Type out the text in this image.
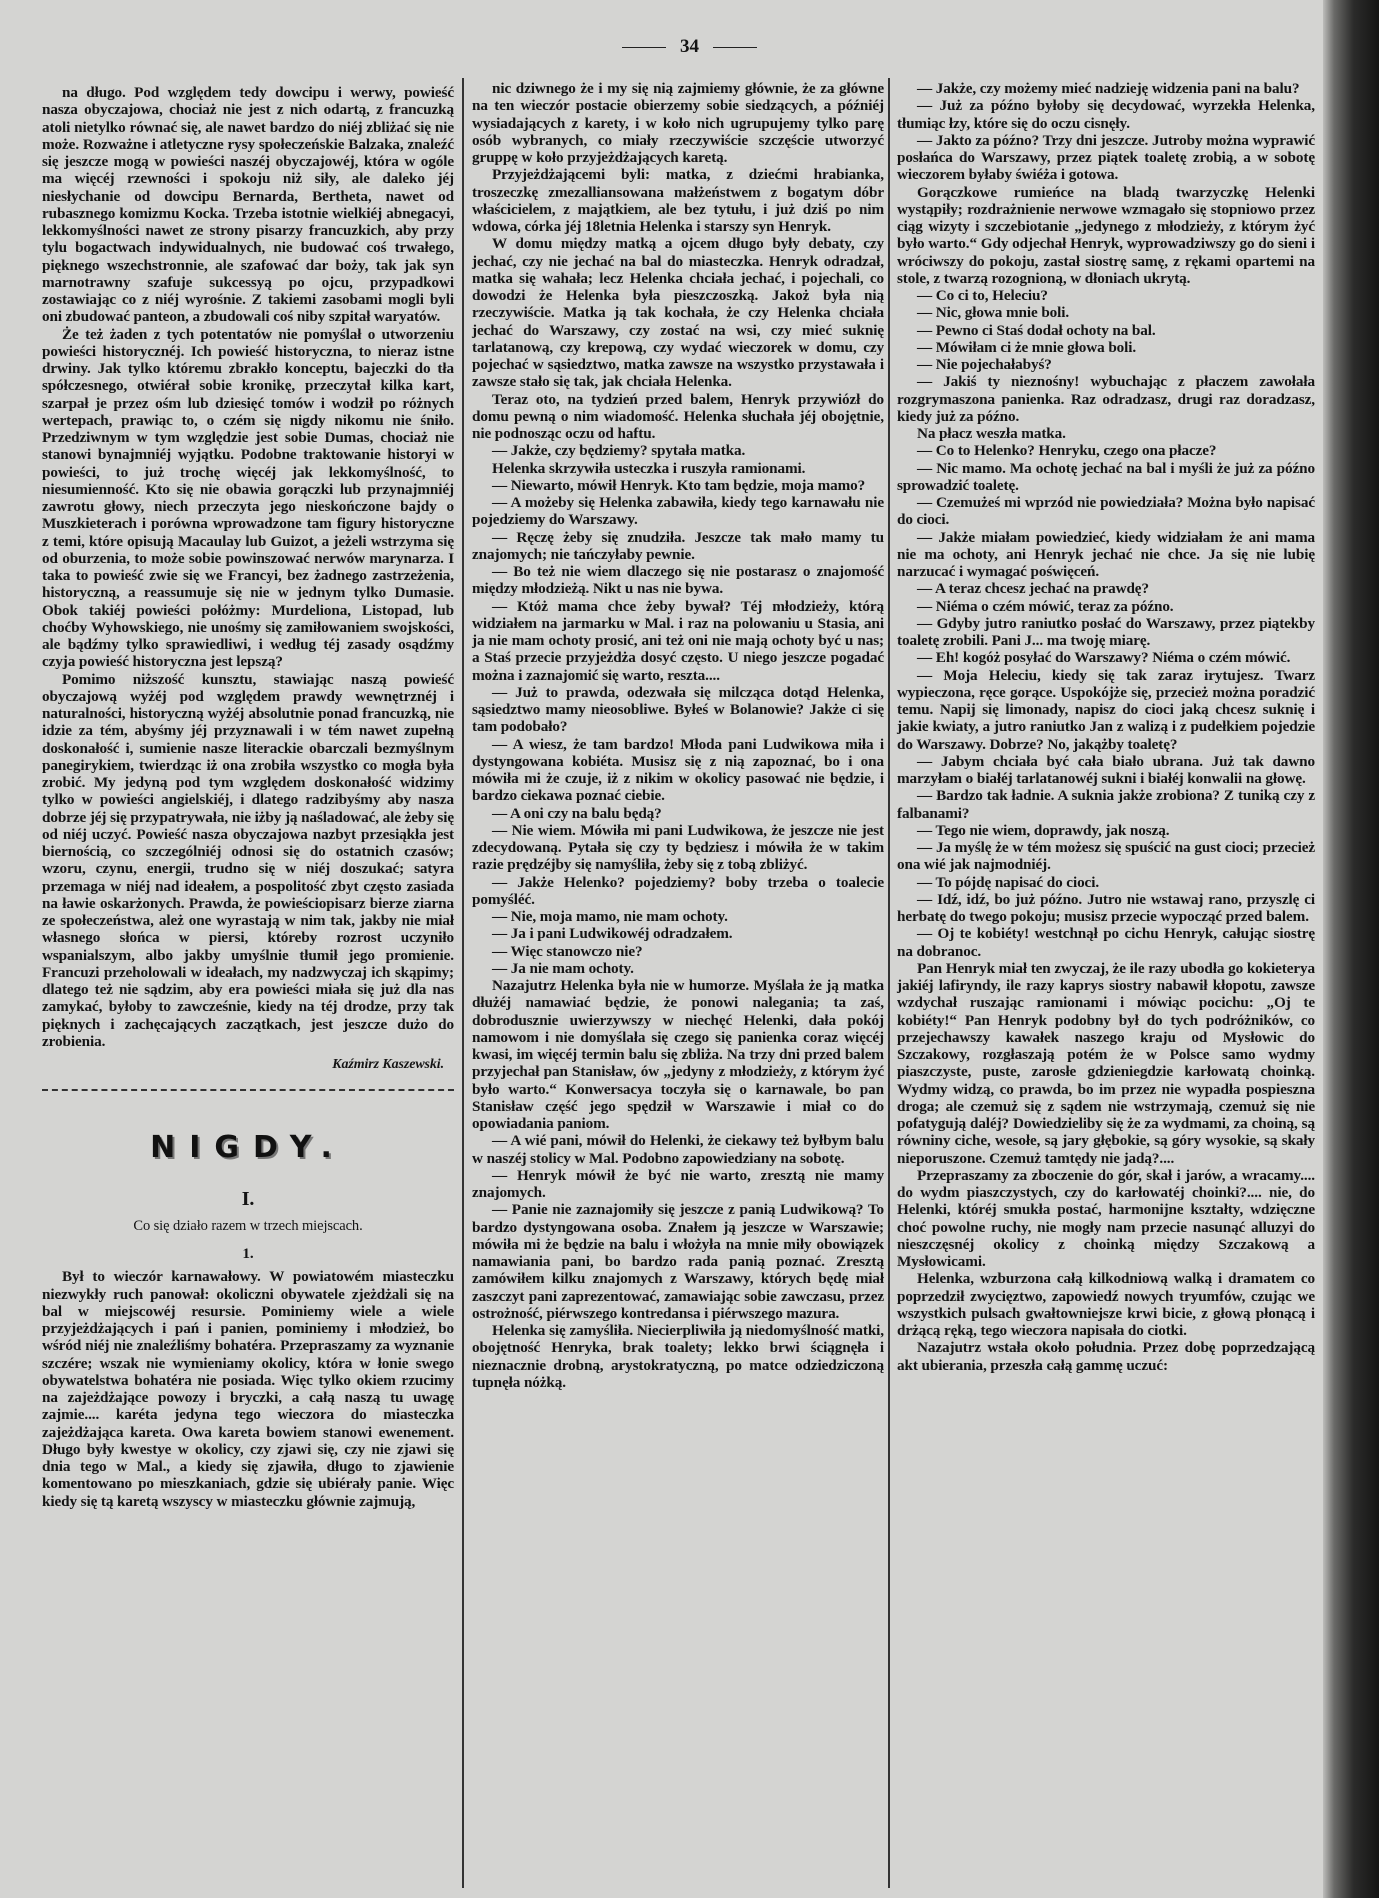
34

na długo. Pod względem tedy dowcipu i werwy, powieść nasza obyczajowa, chociaż nie jest z nich odartą, z francuzką atoli nietylko równać się, ale nawet bardzo do niéj zbliżać się nie może. Rozważne i atletyczne rysy społeczeńskie Balzaka, znaleźć się jeszcze mogą w powieści naszéj obyczajowéj, która w ogóle ma więcéj rzewności i spokoju niż siły, ale daleko jéj niesłychanie od dowcipu Bernarda, Bertheta, nawet od rubasznego komizmu Kocka. Trzeba istotnie wielkiéj abnegacyi, lekkomyślności nawet ze strony pisarzy francuzkich, aby przy tylu bogactwach indywidualnych, nie budować coś trwałego, pięknego wszechstronnie, ale szafować dar boży, tak jak syn marnotrawny szafuje sukcessyą po ojcu, przypadkowi zostawiając co z niéj wyrośnie. Z takiemi zasobami mogli byli oni zbudować panteon, a zbudowali coś niby szpitał waryatów.

Że też żaden z tych potentatów nie pomyślał o utworzeniu powieści historycznéj. Ich powieść historyczna, to nieraz istne drwiny. Jak tylko któremu zbrakło konceptu, bajeczki do tła spółczesnego, otwiérał sobie kronikę, przeczytał kilka kart, szarpał je przez ośm lub dziesięć tomów i wodził po różnych wertepach, prawiąc to, o czém się nigdy nikomu nie śniło. Przedziwnym w tym względzie jest sobie Dumas, chociaż nie stanowi bynajmniéj wyjątku. Podobne traktowanie historyi w powieści, to już trochę więcéj jak lekkomyślność, to niesumienność. Kto się nie obawia gorączki lub przynajmniéj zawrotu głowy, niech przeczyta jego nieskończone bajdy o Muszkieterach i porówna wprowadzone tam figury historyczne z temi, które opisują Macaulay lub Guizot, a jeżeli wstrzyma się od oburzenia, to może sobie powinszować nerwów marynarza. I taka to powieść zwie się we Francyi, bez żadnego zastrzeżenia, historyczną, a reassumuje się nie w jednym tylko Dumasie. Obok takiéj powieści połóżmy: Murdeliona, Listopad, lub choćby Wyhowskiego, nie unośmy się zamiłowaniem swojskości, ale bądźmy tylko sprawiedliwi, i według téj zasady osądźmy czyja powieść historyczna jest lepszą?

Pomimo niższość kunsztu, stawiając naszą powieść obyczajową wyżéj pod względem prawdy wewnętrznéj i naturalności, historyczną wyżéj absolutnie ponad francuzką, nie idzie za tém, abyśmy jéj przyznawali i w tém nawet zupełną doskonałość i, sumienie nasze literackie obarczali bezmyślnym panegirykiem, twierdząc iż ona zrobiła wszystko co mogła była zrobić. My jedyną pod tym względem doskonałość widzimy tylko w powieści angielskiéj, i dlatego radzibyśmy aby nasza dobrze jéj się przypatrywała, nie iżby ją naśladować, ale żeby się od niéj uczyć. Powieść nasza obyczajowa nazbyt przesiąkła jest biernością, co szczególniéj odnosi się do ostatnich czasów; wzoru, czynu, energii, trudno się w niéj doszukać; satyra przemaga w niéj nad ideałem, a pospolitość zbyt często zasiada na ławie oskarżonych. Prawda, że powieściopisarz bierze ziarna ze społeczeństwa, ależ one wyrastają w nim tak, jakby nie miał własnego słońca w piersi, któreby rozrost uczyniło wspanialszym, albo jakby umyślnie tłumił jego promienie. Francuzi przeholowali w ideałach, my nadzwyczaj ich skąpimy; dlatego też nie sądzim, aby era powieści miała się już dla nas zamykać, byłoby to zawcześnie, kiedy na téj drodze, przy tak pięknych i zachęcających zaczątkach, jest jeszcze dużo do zrobienia.

Kaźmirz Kaszewski.
NIGDY.
I.
Co się działo razem w trzech miejscach.
1.

Był to wieczór karnawałowy. W powiatowém miasteczku niezwykły ruch panował: okoliczni obywatele zjeżdżali się na bal w miejscowéj resursie. Pominiemy wiele a wiele przyjeżdżających i pań i panien, pominiemy i młodzież, bo wśród niéj nie znaleźliśmy bohatéra. Przepraszamy za wyznanie szczére; wszak nie wymieniamy okolicy, która w łonie swego obywatelstwa bohatéra nie posiada. Więc tylko okiem rzucimy na zajeżdżające powozy i bryczki, a całą naszą tu uwagę zajmie.... karéta jedyna tego wieczora do miasteczka zajeżdżająca kareta. Owa kareta bowiem stanowi ewenement. Długo były kwestye w okolicy, czy zjawi się, czy nie zjawi się dnia tego w Mal., a kiedy się zjawiła, długo to zjawienie komentowano po mieszkaniach, gdzie się ubiérały panie. Więc kiedy się tą karetą wszyscy w miasteczku głównie zajmują,

nic dziwnego że i my się nią zajmiemy głównie, że za główne na ten wieczór postacie obierzemy sobie siedzących, a późniéj wysiadających z karety, i w koło nich ugrupujemy tylko parę osób wybranych, co miały rzeczywiście szczęście utworzyć gruppę w koło przyjeżdżających karetą.

Przyjeżdżającemi byli: matka, z dziećmi hrabianka, troszeczkę zmezalliansowana małżeństwem z bogatym dóbr właścicielem, z majątkiem, ale bez tytułu, i już dziś po nim wdowa, córka jéj 18letnia Helenka i starszy syn Henryk.

W domu między matką a ojcem długo były debaty, czy jechać, czy nie jechać na bal do miasteczka. Henryk odradzał, matka się wahała; lecz Helenka chciała jechać, i pojechali, co dowodzi że Helenka była pieszczoszką. Jakoż była nią rzeczywiście. Matka ją tak kochała, że czy Helenka chciała jechać do Warszawy, czy zostać na wsi, czy mieć suknię tarlatanową, czy krepową, czy wydać wieczorek w domu, czy pojechać w sąsiedztwo, matka zawsze na wszystko przystawała i zawsze stało się tak, jak chciała Helenka.

Teraz oto, na tydzień przed balem, Henryk przywiózł do domu pewną o nim wiadomość. Helenka słuchała jéj obojętnie, nie podnosząc oczu od haftu.

— Jakże, czy będziemy? spytała matka.

Helenka skrzywiła usteczka i ruszyła ramionami.

— Niewarto, mówił Henryk. Kto tam będzie, moja mamo?

— A możeby się Helenka zabawiła, kiedy tego karnawału nie pojedziemy do Warszawy.

— Ręczę żeby się znudziła. Jeszcze tak mało mamy tu znajomych; nie tańczyłaby pewnie.

— Bo też nie wiem dlaczego się nie postarasz o znajomość między młodzieżą. Nikt u nas nie bywa.

— Któż mama chce żeby bywał? Téj młodzieży, którą widziałem na jarmarku w Mal. i raz na polowaniu u Stasia, ani ja nie mam ochoty prosić, ani też oni nie mają ochoty być u nas; a Staś przecie przyjeżdża dosyć często. U niego jeszcze pogadać można i zaznajomić się warto, reszta....

— Już to prawda, odezwała się milcząca dotąd Helenka, sąsiedztwo mamy nieosobliwe. Byłeś w Bolanowie? Jakże ci się tam podobało?

— A wiesz, że tam bardzo! Młoda pani Ludwikowa miła i dystyngowana kobiéta. Musisz się z nią zapoznać, bo i ona mówiła mi że czuje, iż z nikim w okolicy pasować nie będzie, i bardzo ciekawa poznać ciebie.

— A oni czy na balu będą?

— Nie wiem. Mówiła mi pani Ludwikowa, że jeszcze nie jest zdecydowaną. Pytała się czy ty będziesz i mówiła że w takim razie prędzéjby się namyśliła, żeby się z tobą zbliżyć.

— Jakże Helenko? pojedziemy? boby trzeba o toalecie pomyśléć.

— Nie, moja mamo, nie mam ochoty.

— Ja i pani Ludwikowéj odradzałem.

— Więc stanowczo nie?

— Ja nie mam ochoty.

Nazajutrz Helenka była nie w humorze. Myślała że ją matka dłużéj namawiać będzie, że ponowi nalegania; ta zaś, dobrodusznie uwierzywszy w niechęć Helenki, dała pokój namowom i nie domyślała się czego się panienka coraz więcéj kwasi, im więcéj termin balu się zbliża. Na trzy dni przed balem przyjechał pan Stanisław, ów „jedyny z młodzieży, z którym żyć było warto.“ Konwersacya toczyła się o karnawale, bo pan Stanisław część jego spędził w Warszawie i miał co do opowiadania paniom.

— A wié pani, mówił do Helenki, że ciekawy też byłbym balu w naszéj stolicy w Mal. Podobno zapowiedziany na sobotę.

— Henryk mówił że być nie warto, zresztą nie mamy znajomych.

— Panie nie zaznajomiły się jeszcze z panią Ludwikową? To bardzo dystyngowana osoba. Znałem ją jeszcze w Warszawie; mówiła mi że będzie na balu i włożyła na mnie miły obowiązek namawiania pani, bo bardzo rada panią poznać. Zresztą zamówiłem kilku znajomych z Warszawy, których będę miał zaszczyt pani zaprezentować, zamawiając sobie zawczasu, przez ostrożność, piérwszego kontredansa i piérwszego mazura.

Helenka się zamyśliła. Niecierpliwiła ją niedomyślność matki, obojętność Henryka, brak toalety; lekko brwi ściągnęła i nieznacznie drobną, arystokratyczną, po matce odziedziczoną tupnęła nóżką.

— Jakże, czy możemy mieć nadzieję widzenia pani na balu?

— Już za późno byłoby się decydować, wyrzekła Helenka, tłumiąc łzy, które się do oczu cisnęły.

— Jakto za późno? Trzy dni jeszcze. Jutroby można wyprawić posłańca do Warszawy, przez piątek toaletę zrobią, a w sobotę wieczorem byłaby świéża i gotowa.

Gorączkowe rumieńce na bladą twarzyczkę Helenki wystąpiły; rozdrażnienie nerwowe wzmagało się stopniowo przez ciąg wizyty i szczebiotanie „jedynego z młodzieży, z którym żyć było warto.“ Gdy odjechał Henryk, wyprowadziwszy go do sieni i wróciwszy do pokoju, zastał siostrę samę, z rękami opartemi na stole, z twarzą rozognioną, w dłoniach ukrytą.

— Co ci to, Heleciu?

— Nic, głowa mnie boli.

— Pewno ci Staś dodał ochoty na bal.

— Mówiłam ci że mnie głowa boli.

— Nie pojechałabyś?

— Jakiś ty nieznośny! wybuchając z płaczem zawołała rozgrymaszona panienka. Raz odradzasz, drugi raz doradzasz, kiedy już za późno.

Na płacz weszła matka.

— Co to Helenko? Henryku, czego ona płacze?

— Nic mamo. Ma ochotę jechać na bal i myśli że już za późno sprowadzić toaletę.

— Czemużeś mi wprzód nie powiedziała? Można było napisać do cioci.

— Jakże miałam powiedzieć, kiedy widziałam że ani mama nie ma ochoty, ani Henryk jechać nie chce. Ja się nie lubię narzucać i wymagać poświęceń.

— A teraz chcesz jechać na prawdę?

— Niéma o czém mówić, teraz za późno.

— Gdyby jutro raniutko posłać do Warszawy, przez piątekby toaletę zrobili. Pani J... ma twoję miarę.

— Eh! kogóż posyłać do Warszawy? Niéma o czém mówić.

— Moja Heleciu, kiedy się tak zaraz irytujesz. Twarz wypieczona, ręce gorące. Uspokójże się, przecież można poradzić temu. Napij się limonady, napisz do cioci jaką chcesz suknię i jakie kwiaty, a jutro raniutko Jan z walizą i z pudełkiem pojedzie do Warszawy. Dobrze? No, jakążby toaletę?

— Jabym chciała być cała biało ubrana. Już tak dawno marzyłam o białéj tarlatanowéj sukni i białéj konwalii na głowę.

— Bardzo tak ładnie. A suknia jakże zrobiona? Z tuniką czy z falbanami?

— Tego nie wiem, doprawdy, jak noszą.

— Ja myślę że w tém możesz się spuścić na gust cioci; przecież ona wié jak najmodniéj.

— To pójdę napisać do cioci.

— Idź, idź, bo już późno. Jutro nie wstawaj rano, przyszlę ci herbatę do twego pokoju; musisz przecie wypocząć przed balem.

— Oj te kobiéty! westchnął po cichu Henryk, całując siostrę na dobranoc.

Pan Henryk miał ten zwyczaj, że ile razy ubodła go kokieterya jakiéj lafiryndy, ile razy kaprys siostry nabawił kłopotu, zawsze wzdychał ruszając ramionami i mówiąc pocichu: „Oj te kobiéty!“ Pan Henryk podobny był do tych podróżników, co przejechawszy kawałek naszego kraju od Mysłowic do Szczakowy, rozgłaszają potém że w Polsce samo wydmy piaszczyste, puste, zarosłe gdzieniegdzie karłowatą choinką. Wydmy widzą, co prawda, bo im przez nie wypadła pospieszna droga; ale czemuż się z sądem nie wstrzymają, czemuż się nie pofatygują daléj? Dowiedzieliby się że za wydmami, za choiną, są równiny ciche, wesołe, są jary głębokie, są góry wysokie, są skały nieporuszone. Czemuż tamtędy nie jadą?....

Przepraszamy za zboczenie do gór, skał i jarów, a wracamy.... do wydm piaszczystych, czy do karłowatéj choinki?.... nie, do Helenki, któréj smukła postać, harmonijne kształty, wdzięczne choć powolne ruchy, nie mogły nam przecie nasunąć alluzyi do nieszczęsnéj okolicy z choinką między Szczakową a Mysłowicami.

Helenka, wzburzona całą kilkodniową walką i dramatem co poprzedził zwycięztwo, zapowiedź nowych tryumfów, czując we wszystkich pulsach gwałtowniejsze krwi bicie, z głową płonącą i drżącą ręką, tego wieczora napisała do ciotki.

Nazajutrz wstała około południa. Przez dobę poprzedzającą akt ubierania, przeszła całą gammę uczuć:
